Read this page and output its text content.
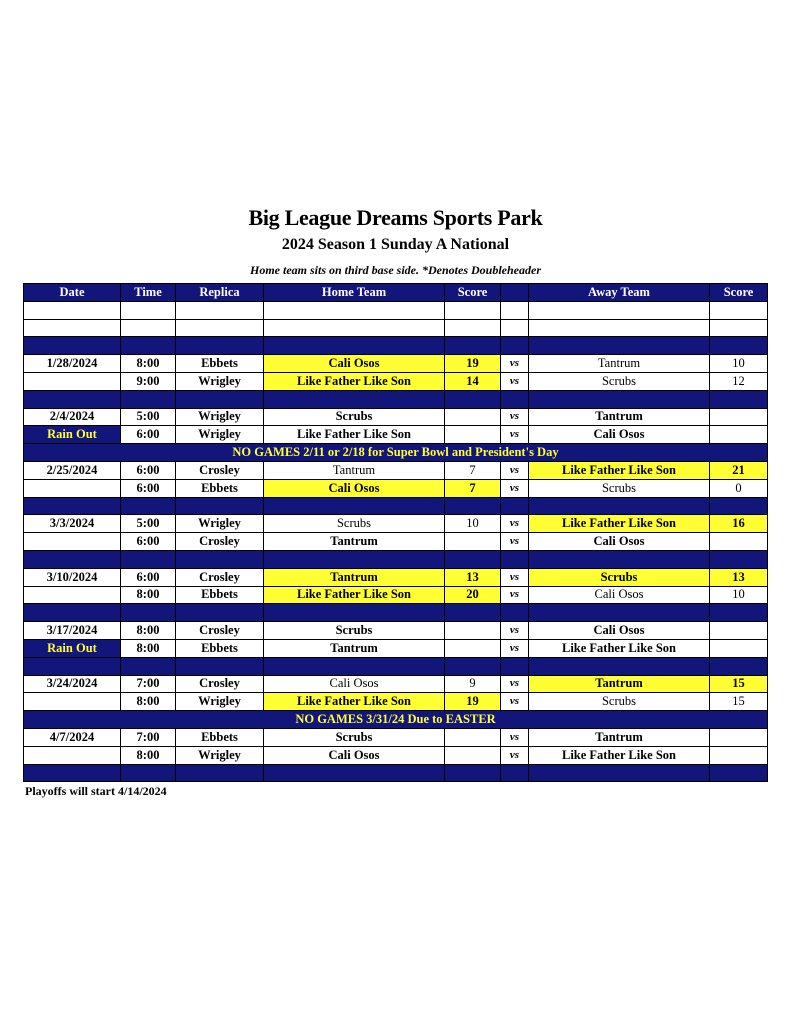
Big League Dreams Sports Park
2024 Season 1 Sunday A National
Home team sits on third base side. *Denotes Doubleheader
Date	Time	Replica	Home Team	Score		Away Team	Score

1/28/2024	8:00	Ebbets	Cali Osos	19	vs	Tantrum	10
	9:00	Wrigley	Like Father Like Son	14	vs	Scrubs	12

2/4/2024	5:00	Wrigley	Scrubs		vs	Tantrum	
Rain Out	6:00	Wrigley	Like Father Like Son		vs	Cali Osos	
NO GAMES 2/11 or 2/18 for Super Bowl and President's Day							
2/25/2024	6:00	Crosley	Tantrum	7	vs	Like Father Like Son	21
	6:00	Ebbets	Cali Osos	7	vs	Scrubs	0

3/3/2024	5:00	Wrigley	Scrubs	10	vs	Like Father Like Son	16
	6:00	Crosley	Tantrum		vs	Cali Osos	

3/10/2024	6:00	Crosley	Tantrum	13	vs	Scrubs	13
	8:00	Ebbets	Like Father Like Son	20	vs	Cali Osos	10

3/17/2024	8:00	Crosley	Scrubs		vs	Cali Osos	
Rain Out	8:00	Ebbets	Tantrum		vs	Like Father Like Son	

3/24/2024	7:00	Crosley	Cali Osos	9	vs	Tantrum	15
	8:00	Wrigley	Like Father Like Son	19	vs	Scrubs	15
NO GAMES 3/31/24 Due to EASTER							
4/7/2024	7:00	Ebbets	Scrubs		vs	Tantrum	
	8:00	Wrigley	Cali Osos		vs	Like Father Like Son	

Playoffs will start 4/14/2024
